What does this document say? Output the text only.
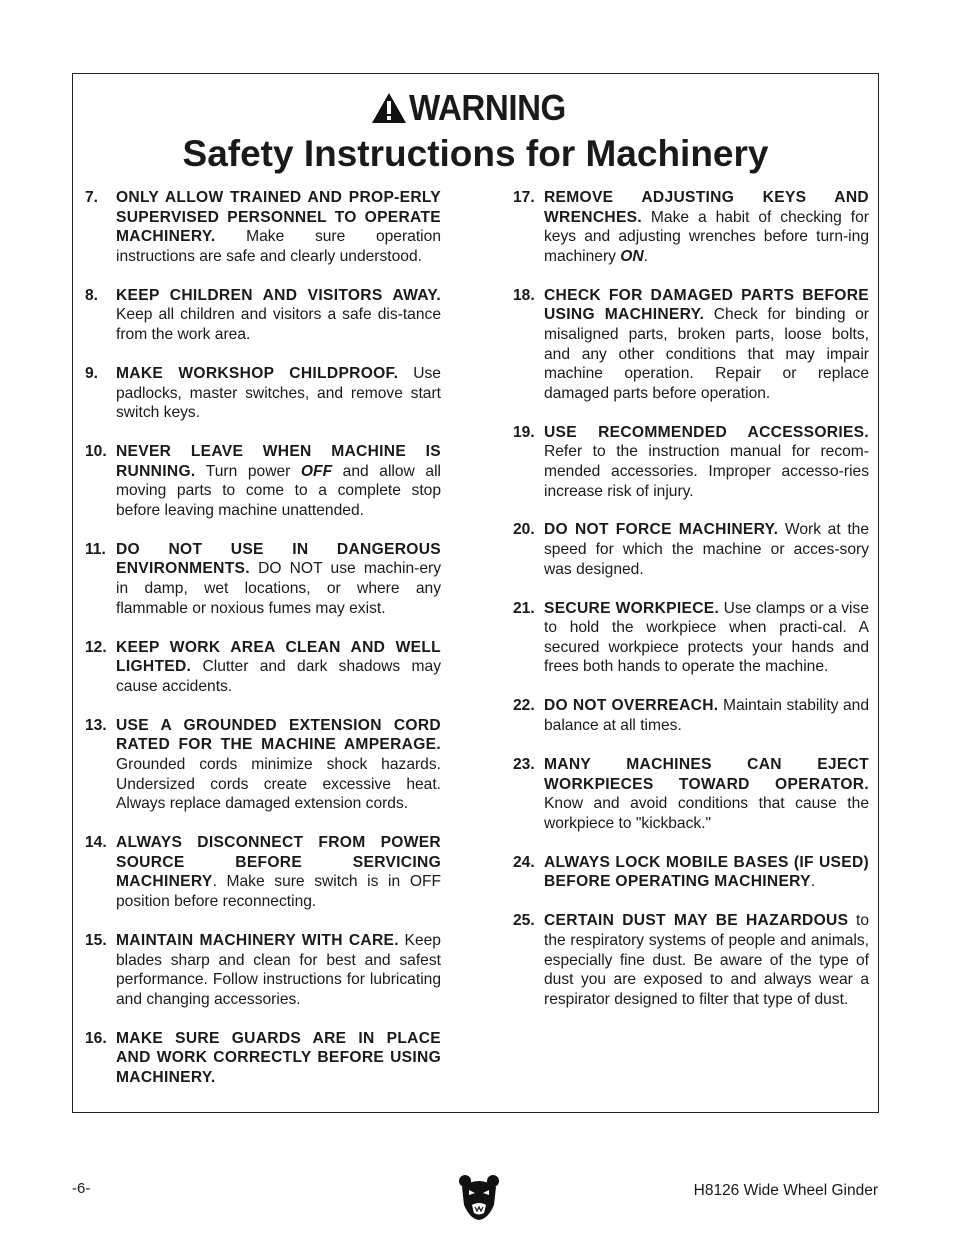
WARNING
Safety Instructions for Machinery
7.	ONLY ALLOW TRAINED AND PROP-ERLY SUPERVISED PERSONNEL TO OPERATE MACHINERY. Make sure operation instructions are safe and clearly understood.
8.	KEEP CHILDREN AND VISITORS AWAY. Keep all children and visitors a safe dis-tance from the work area.
9.	MAKE WORKSHOP CHILDPROOF. Use padlocks, master switches, and remove start switch keys.
10. NEVER LEAVE WHEN MACHINE IS RUNNING. Turn power OFF and allow all moving parts to come to a complete stop before leaving machine unattended.
11. DO NOT USE IN DANGEROUS ENVIRONMENTS. DO NOT use machin-ery in damp, wet locations, or where any flammable or noxious fumes may exist.
12. KEEP WORK AREA CLEAN AND WELL LIGHTED. Clutter and dark shadows may cause accidents.
13. USE A GROUNDED EXTENSION CORD RATED FOR THE MACHINE AMPERAGE. Grounded cords minimize shock hazards. Undersized cords create excessive heat. Always replace damaged extension cords.
14. ALWAYS DISCONNECT FROM POWER SOURCE BEFORE SERVICING MACHINERY. Make sure switch is in OFF position before reconnecting.
15. MAINTAIN MACHINERY WITH CARE. Keep blades sharp and clean for best and safest performance. Follow instructions for lubricating and changing accessories.
16. MAKE SURE GUARDS ARE IN PLACE AND WORK CORRECTLY BEFORE USING MACHINERY.
17. REMOVE ADJUSTING KEYS AND WRENCHES. Make a habit of checking for keys and adjusting wrenches before turn-ing machinery ON.
18. CHECK FOR DAMAGED PARTS BEFORE USING MACHINERY. Check for binding or misaligned parts, broken parts, loose bolts, and any other conditions that may impair machine operation. Repair or replace damaged parts before operation.
19. USE RECOMMENDED ACCESSORIES. Refer to the instruction manual for recom-mended accessories. Improper accesso-ries increase risk of injury.
20. DO NOT FORCE MACHINERY. Work at the speed for which the machine or acces-sory was designed.
21. SECURE WORKPIECE. Use clamps or a vise to hold the workpiece when practi-cal. A secured workpiece protects your hands and frees both hands to operate the machine.
22. DO NOT OVERREACH. Maintain stability and balance at all times.
23. MANY MACHINES CAN EJECT WORKPIECES TOWARD OPERATOR. Know and avoid conditions that cause the workpiece to "kickback."
24. ALWAYS LOCK MOBILE BASES (IF USED) BEFORE OPERATING MACHINERY.
25. CERTAIN DUST MAY BE HAZARDOUS to the respiratory systems of people and animals, especially fine dust. Be aware of the type of dust you are exposed to and always wear a respirator designed to filter that type of dust.
-6-	H8126 Wide Wheel Ginder
